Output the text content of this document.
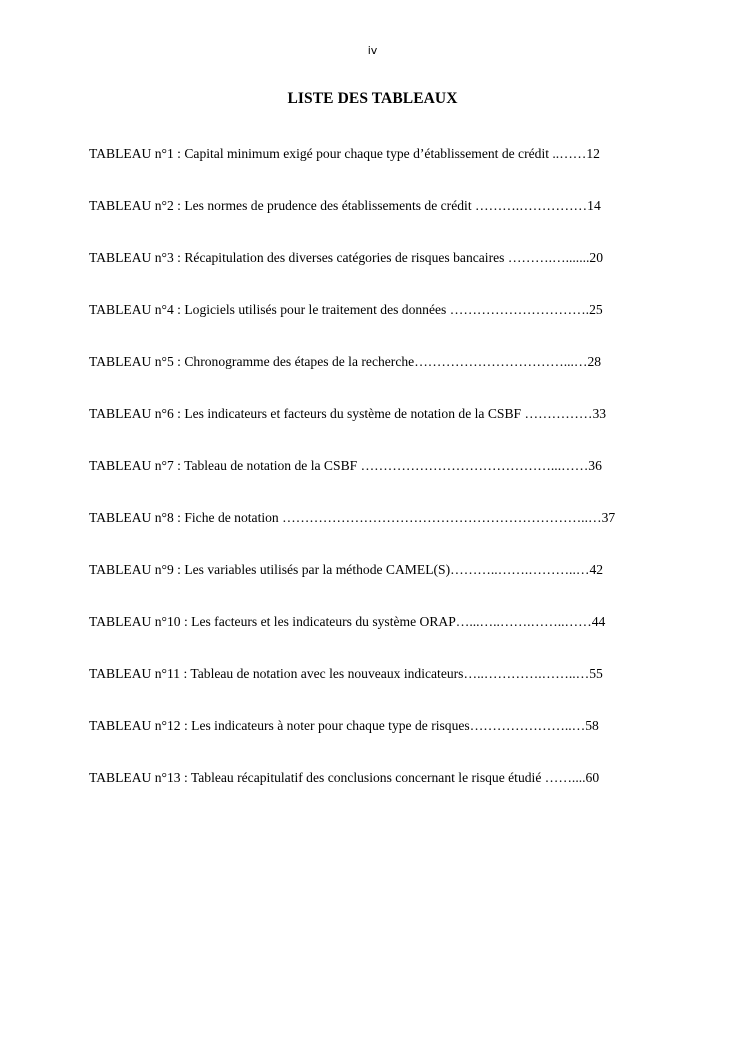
iv
LISTE DES TABLEAUX
TABLEAU n°1 : Capital minimum exigé pour chaque type d’établissement de crédit ..……12
TABLEAU n°2 : Les normes de prudence des établissements de crédit ……….……………14
TABLEAU n°3 : Récapitulation des diverses catégories de risques bancaires ……….….......20
TABLEAU n°4 : Logiciels utilisés pour le traitement des données ………………………….25
TABLEAU n°5 : Chronogramme des étapes de la recherche……………………………...…28
TABLEAU n°6 : Les indicateurs et facteurs du système de notation de la CSBF ……………33
TABLEAU n°7 : Tableau de notation de la CSBF ……………………………………...……36
TABLEAU n°8 : Fiche de notation …………………………………………………………..…37
TABLEAU n°9 : Les variables utilisés par la méthode CAMEL(S)………..…….………..…42
TABLEAU n°10 : Les facteurs et les indicateurs du système ORAP…...…..…….……..……44
TABLEAU n°11 : Tableau de notation avec les nouveaux indicateurs…..………….……..…55
TABLEAU n°12 : Les indicateurs à noter pour chaque type de risques…………………..…58
TABLEAU n°13 : Tableau récapitulatif des conclusions concernant le risque étudié ……....60
